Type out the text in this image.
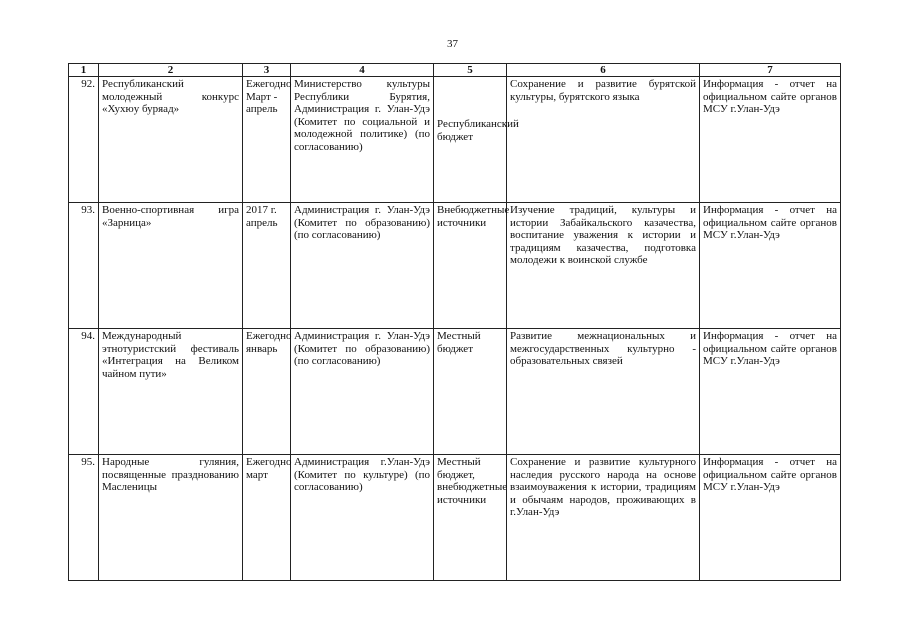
37
1	2	3	4	5	6	7
92.	Республиканский молодежный конкурс «Хухюу буряад»	Ежегодно Март - апрель	Министерство культуры Республики Бурятия, Администрация г. Улан-Удэ (Комитет по социальной и молодежной политике) (по согласованию)	Республиканский бюджет	Сохранение и развитие бурятской культуры, бурятского языка	Информация - отчет на официальном сайте органов МСУ г.Улан-Удэ
93.	Военно-спортивная игра «Зарница»	2017 г. апрель	Администрация г. Улан-Удэ (Комитет по образованию) (по согласованию)	Внебюджетные источники	Изучение традиций, культуры и истории Забайкальского казачества, воспитание уважения к истории и традициям казачества, подготовка молодежи к воинской службе	Информация - отчет на официальном сайте органов МСУ г.Улан-Удэ
94.	Международный этнотуристский фестиваль «Интеграция на Великом чайном пути»	Ежегодно январь	Администрация г. Улан-Удэ (Комитет по образованию) (по согласованию)	Местный бюджет	Развитие межнациональных и межгосударственных культурно - образовательных связей	Информация - отчет на официальном сайте органов МСУ г.Улан-Удэ
95.	Народные гуляния, посвященные празднованию Масленицы	Ежегодно март	Администрация г.Улан-Удэ (Комитет по культуре) (по согласованию)	Местный бюджет, внебюджетные источники	Сохранение и развитие культурного наследия русского народа на основе взаимоуважения к истории, традициям и обычаям народов, проживающих в г.Улан-Удэ	Информация - отчет на официальном сайте органов МСУ г.Улан-Удэ
